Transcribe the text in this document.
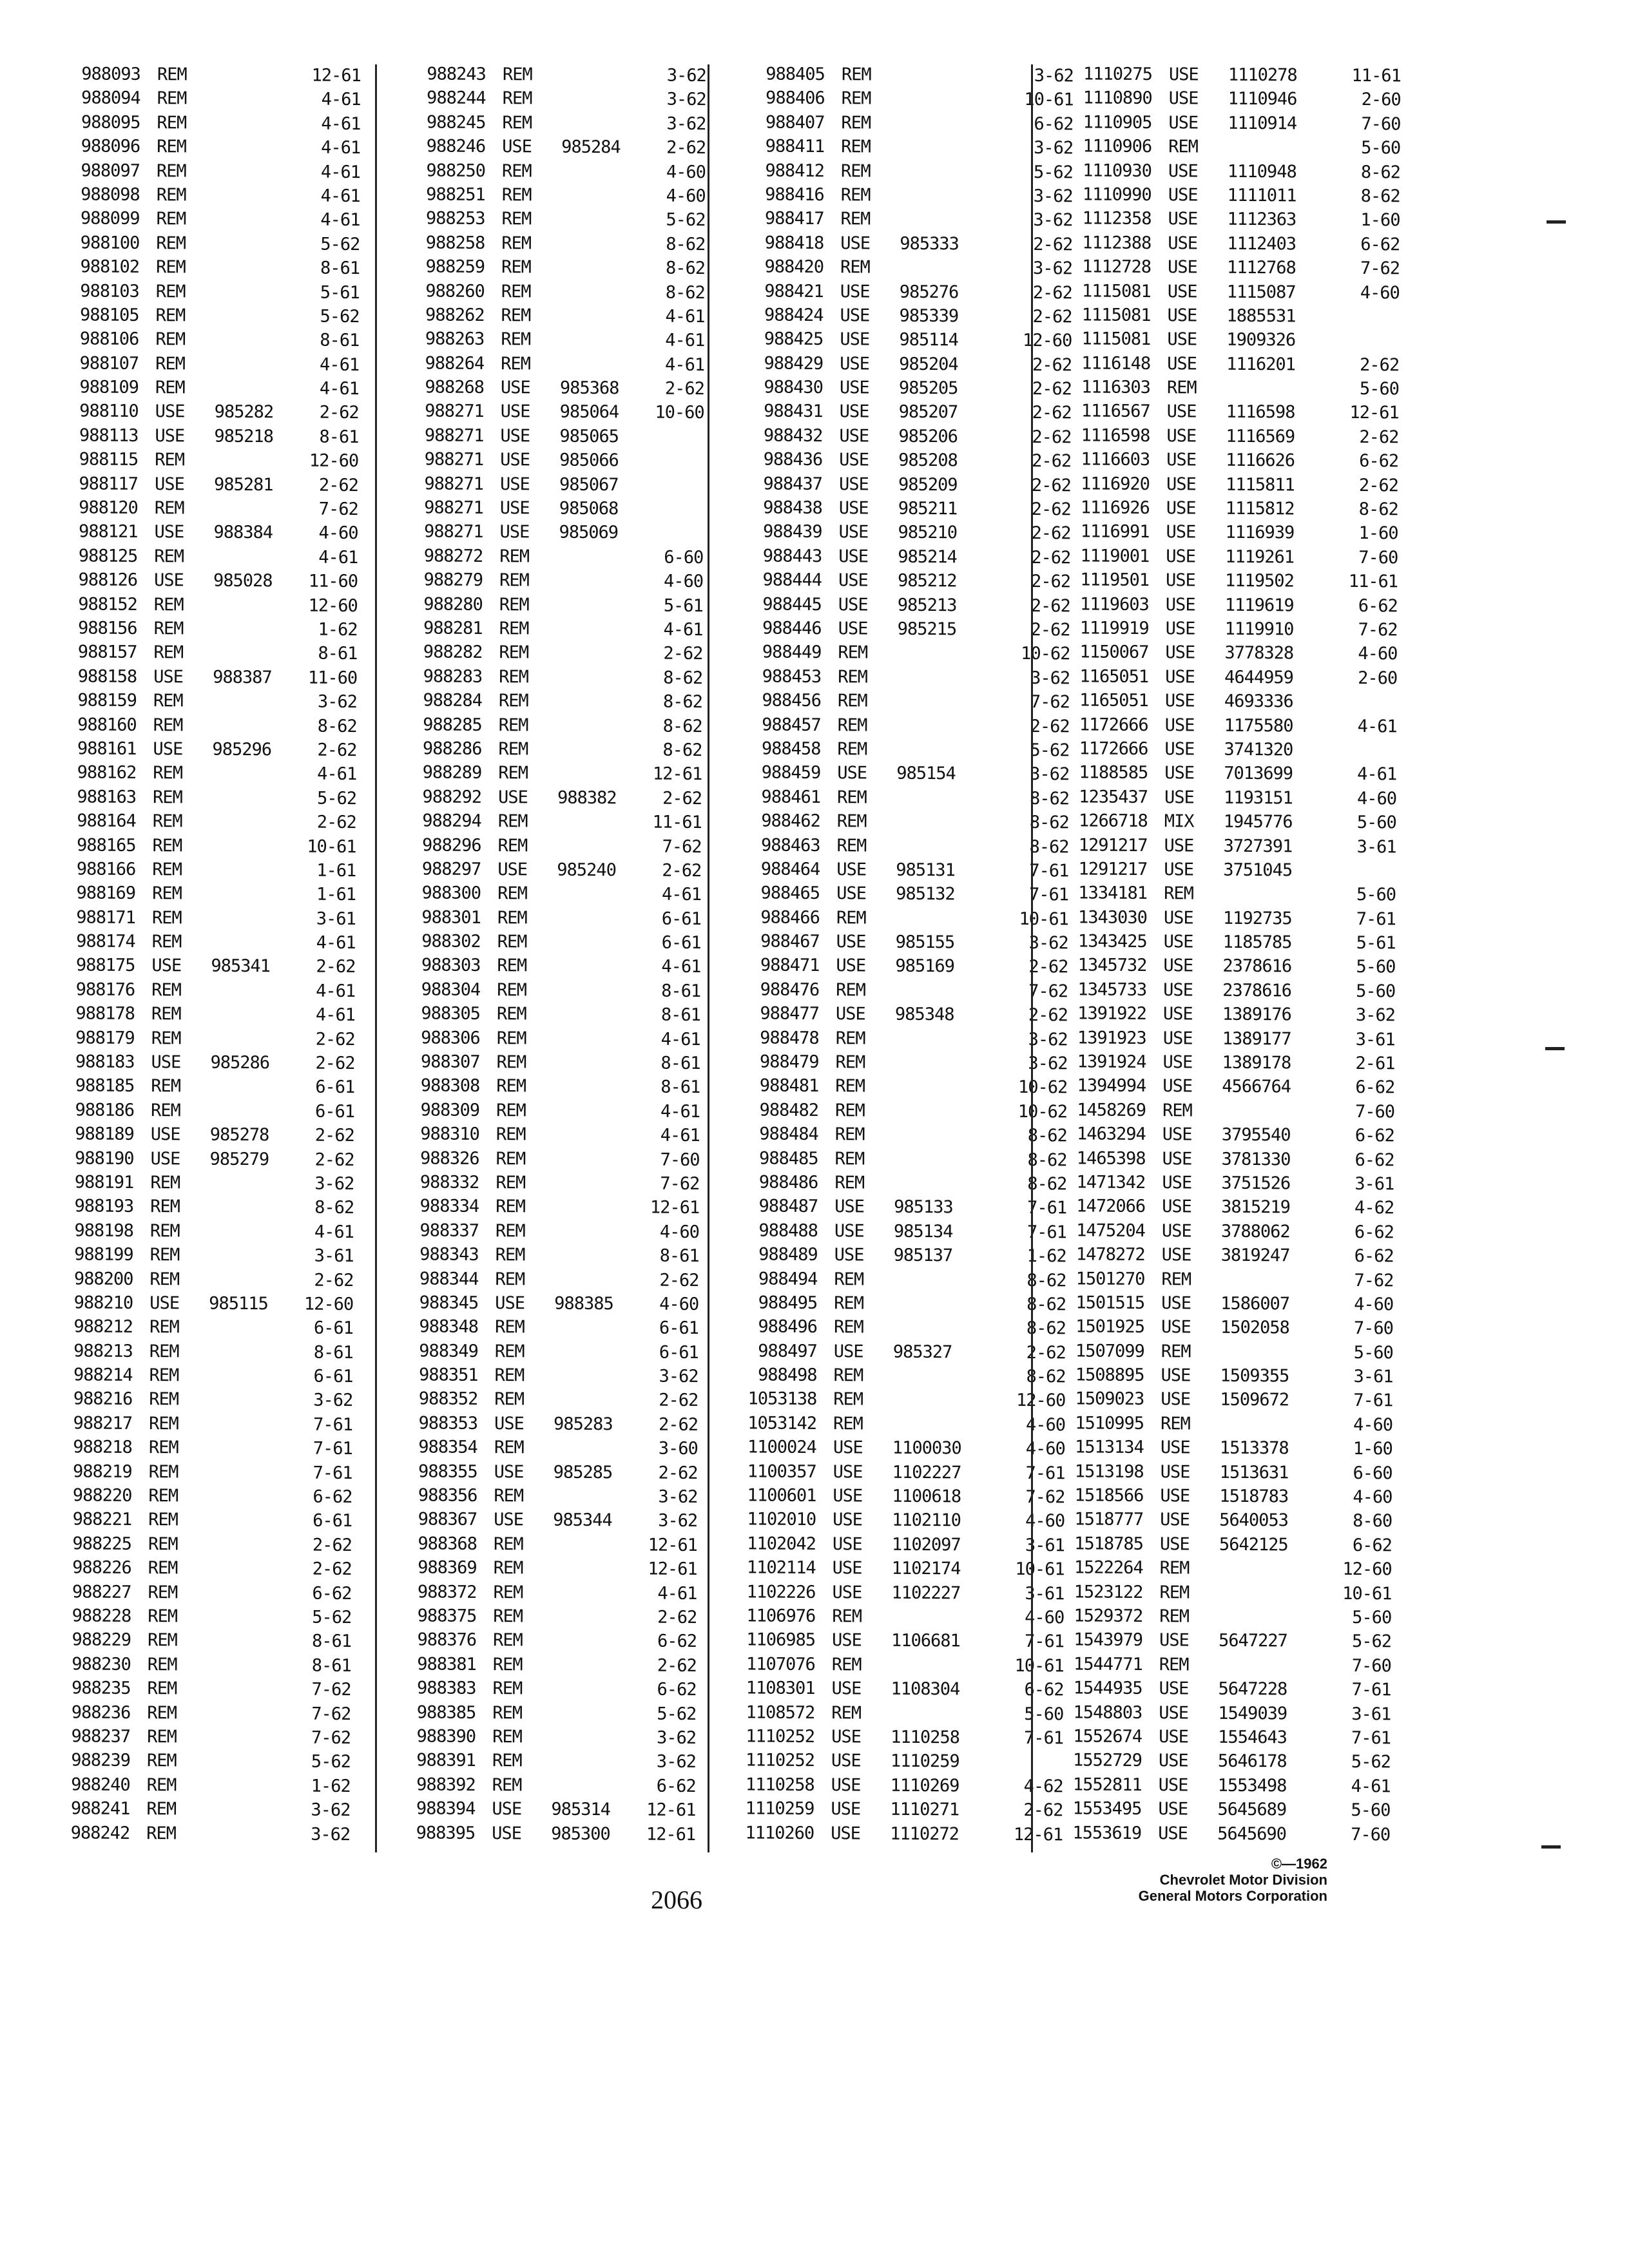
988093 REM	12-61
988094 REM	4-61
988095 REM	4-61
988096 REM	4-61
988097 REM	4-61
988098 REM	4-61
988099 REM	4-61
988100 REM	5-62
988102 REM	8-61
988103 REM	5-61
988105 REM	5-62
988106 REM	8-61
988107 REM	4-61
988109 REM	4-61
988110 USE	985282	2-62
988113 USE	985218	8-61
988115 REM	12-60
988117 USE	985281	2-62
988120 REM	7-62
988121 USE	988384	4-60
988125 REM	4-61
988126 USE	985028	11-60
988152 REM	12-60
988156 REM	1-62
988157 REM	8-61
988158 USE	988387	11-60
988159 REM	3-62
988160 REM	8-62
988161 USE	985296	2-62
988162 REM	4-61
988163 REM	5-62
988164 REM	2-62
988165 REM	10-61
988166 REM	1-61
988169 REM	1-61
988171 REM	3-61
988174 REM	4-61
988175 USE	985341	2-62
988176 REM	4-61
988178 REM	4-61
988179 REM	2-62
988183 USE	985286	2-62
988185 REM	6-61
988186 REM	6-61
988189 USE	985278	2-62
988190 USE	985279	2-62
988191 REM	3-62
988193 REM	8-62
988198 REM	4-61
988199 REM	3-61
988200 REM	2-62
988210 USE	985115	12-60
988212 REM	6-61
988213 REM	8-61
988214 REM	6-61
988216 REM	3-62
988217 REM	7-61
988218 REM	7-61
988219 REM	7-61
988220 REM	6-62
988221 REM	6-61
988225 REM	2-62
988226 REM	2-62
988227 REM	6-62
988228 REM	5-62
988229 REM	8-61
988230 REM	8-61
988235 REM	7-62
988236 REM	7-62
988237 REM	7-62
988239 REM	5-62
988240 REM	1-62
988241 REM	3-62
988242 REM	3-62
988243 REM	3-62
988244 REM	3-62
988245 REM	3-62
988246 USE	985284	2-62
988250 REM	4-60
988251 REM	4-60
988253 REM	5-62
988258 REM	8-62
988259 REM	8-62
988260 REM	8-62
988262 REM	4-61
988263 REM	4-61
988264 REM	4-61
988268 USE	985368	2-62
988271 USE	985064	10-60
988271 USE	985065
988271 USE	985066
988271 USE	985067
988271 USE	985068
988271 USE	985069
988272 REM	6-60
988279 REM	4-60
988280 REM	5-61
988281 REM	4-61
988282 REM	2-62
988283 REM	8-62
988284 REM	8-62
988285 REM	8-62
988286 REM	8-62
988289 REM	12-61
988292 USE	988382	2-62
988294 REM	11-61
988296 REM	7-62
988297 USE	985240	2-62
988300 REM	4-61
988301 REM	6-61
988302 REM	6-61
988303 REM	4-61
988304 REM	8-61
988305 REM	8-61
988306 REM	4-61
988307 REM	8-61
988308 REM	8-61
988309 REM	4-61
988310 REM	4-61
988326 REM	7-60
988332 REM	7-62
988334 REM	12-61
988337 REM	4-60
988343 REM	8-61
988344 REM	2-62
988345 USE	988385	4-60
988348 REM	6-61
988349 REM	6-61
988351 REM	3-62
988352 REM	2-62
988353 USE	985283	2-62
988354 REM	3-60
988355 USE	985285	2-62
988356 REM	3-62
988367 USE	985344	3-62
988368 REM	12-61
988369 REM	12-61
988372 REM	4-61
988375 REM	2-62
988376 REM	6-62
988381 REM	2-62
988383 REM	6-62
988385 REM	5-62
988390 REM	3-62
988391 REM	3-62
988392 REM	6-62
988394 USE	985314	12-61
988395 USE	985300	12-61
988405 REM	3-62
988406 REM	10-61
988407 REM	6-62
988411 REM	3-62
988412 REM	5-62
988416 REM	3-62
988417 REM	3-62
988418 USE	985333	2-62
988420 REM	3-62
988421 USE	985276	2-62
988424 USE	985339	2-62
988425 USE	985114	12-60
988429 USE	985204	2-62
988430 USE	985205	2-62
988431 USE	985207	2-62
988432 USE	985206	2-62
988436 USE	985208	2-62
988437 USE	985209	2-62
988438 USE	985211	2-62
988439 USE	985210	2-62
988443 USE	985214	2-62
988444 USE	985212	2-62
988445 USE	985213	2-62
988446 USE	985215	2-62
988449 REM	10-62
988453 REM	3-62
988456 REM	7-62
988457 REM	2-62
988458 REM	5-62
988459 USE	985154	3-62
988461 REM	8-62
988462 REM	8-62
988463 REM	8-62
988464 USE	985131	7-61
988465 USE	985132	7-61
988466 REM	10-61
988467 USE	985155	3-62
988471 USE	985169	2-62
988476 REM	7-62
988477 USE	985348	2-62
988478 REM	3-62
988479 REM	3-62
988481 REM	10-62
988482 REM	10-62
988484 REM	8-62
988485 REM	8-62
988486 REM	8-62
988487 USE	985133	7-61
988488 USE	985134	7-61
988489 USE	985137	1-62
988494 REM	8-62
988495 REM	8-62
988496 REM	8-62
988497 USE	985327	2-62
988498 REM	8-62
1053138 REM	12-60
1053142 REM	4-60
1100024 USE	1100030	4-60
1100357 USE	1102227	7-61
1100601 USE	1100618	7-62
1102010 USE	1102110	4-60
1102042 USE	1102097	3-61
1102114 USE	1102174	10-61
1102226 USE	1102227	3-61
1106976 REM	4-60
1106985 USE	1106681	7-61
1107076 REM	10-61
1108301 USE	1108304	6-62
1108572 REM	5-60
1110252 USE	1110258	7-61
1110252 USE	1110259
1110258 USE	1110269	4-62
1110259 USE	1110271	2-62
1110260 USE	1110272	12-61
1110275 USE	1110278	11-61
1110890 USE	1110946	2-60
1110905 USE	1110914	7-60
1110906 REM	5-60
1110930 USE	1110948	8-62
1110990 USE	1111011	8-62
1112358 USE	1112363	1-60
1112388 USE	1112403	6-62
1112728 USE	1112768	7-62
1115081 USE	1115087	4-60
1115081 USE	1885531
1115081 USE	1909326
1116148 USE	1116201	2-62
1116303 REM	5-60
1116567 USE	1116598	12-61
1116598 USE	1116569	2-62
1116603 USE	1116626	6-62
1116920 USE	1115811	2-62
1116926 USE	1115812	8-62
1116991 USE	1116939	1-60
1119001 USE	1119261	7-60
1119501 USE	1119502	11-61
1119603 USE	1119619	6-62
1119919 USE	1119910	7-62
1150067 USE	3778328	4-60
1165051 USE	4644959	2-60
1165051 USE	4693336
1172666 USE	1175580	4-61
1172666 USE	3741320
1188585 USE	7013699	4-61
1235437 USE	1193151	4-60
1266718 MIX	1945776	5-60
1291217 USE	3727391	3-61
1291217 USE	3751045
1334181 REM	5-60
1343030 USE	1192735	7-61
1343425 USE	1185785	5-61
1345732 USE	2378616	5-60
1345733 USE	2378616	5-60
1391922 USE	1389176	3-62
1391923 USE	1389177	3-61
1391924 USE	1389178	2-61
1394994 USE	4566764	6-62
1458269 REM	7-60
1463294 USE	3795540	6-62
1465398 USE	3781330	6-62
1471342 USE	3751526	3-61
1472066 USE	3815219	4-62
1475204 USE	3788062	6-62
1478272 USE	3819247	6-62
1501270 REM	7-62
1501515 USE	1586007	4-60
1501925 USE	1502058	7-60
1507099 REM	5-60
1508895 USE	1509355	3-61
1509023 USE	1509672	7-61
1510995 REM	4-60
1513134 USE	1513378	1-60
1513198 USE	1513631	6-60
1518566 USE	1518783	4-60
1518777 USE	5640053	8-60
1518785 USE	5642125	6-62
1522264 REM	12-60
1523122 REM	10-61
1529372 REM	5-60
1543979 USE	5647227	5-62
1544771 REM	7-60
1544935 USE	5647228	7-61
1548803 USE	1549039	3-61
1552674 USE	1554643	7-61
1552729 USE	5646178	5-62
1552811 USE	1553498	4-61
1553495 USE	5645689	5-60
1553619 USE	5645690	7-60
2066
©—1962
Chevrolet Motor Division
General Motors Corporation
